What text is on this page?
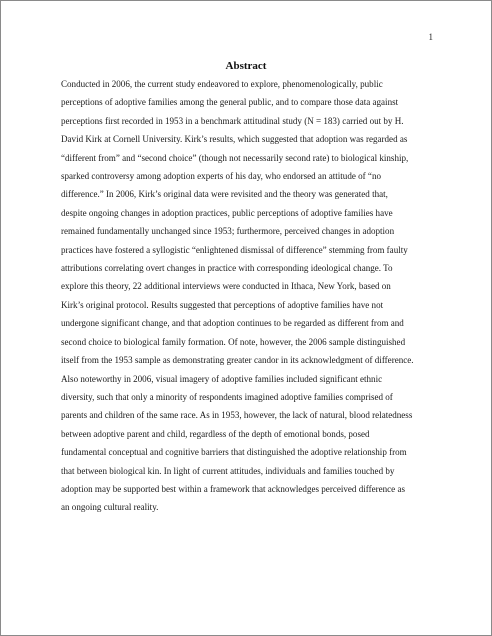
1
Abstract
Conducted in 2006, the current study endeavored to explore, phenomenologically, public
perceptions of adoptive families among the general public, and to compare those data against
perceptions first recorded in 1953 in a benchmark attitudinal study (N = 183) carried out by H.
David Kirk at Cornell University. Kirk’s results, which suggested that adoption was regarded as
“different from” and “second choice” (though not necessarily second rate) to biological kinship,
sparked controversy among adoption experts of his day, who endorsed an attitude of “no
difference.” In 2006, Kirk’s original data were revisited and the theory was generated that,
despite ongoing changes in adoption practices, public perceptions of adoptive families have
remained fundamentally unchanged since 1953; furthermore, perceived changes in adoption
practices have fostered a syllogistic “enlightened dismissal of difference” stemming from faulty
attributions correlating overt changes in practice with corresponding ideological change. To
explore this theory, 22 additional interviews were conducted in Ithaca, New York, based on
Kirk’s original protocol. Results suggested that perceptions of adoptive families have not
undergone significant change, and that adoption continues to be regarded as different from and
second choice to biological family formation. Of note, however, the 2006 sample distinguished
itself from the 1953 sample as demonstrating greater candor in its acknowledgment of difference.
Also noteworthy in 2006, visual imagery of adoptive families included significant ethnic
diversity, such that only a minority of respondents imagined adoptive families comprised of
parents and children of the same race. As in 1953, however, the lack of natural, blood relatedness
between adoptive parent and child, regardless of the depth of emotional bonds, posed
fundamental conceptual and cognitive barriers that distinguished the adoptive relationship from
that between biological kin. In light of current attitudes, individuals and families touched by
adoption may be supported best within a framework that acknowledges perceived difference as
an ongoing cultural reality.
